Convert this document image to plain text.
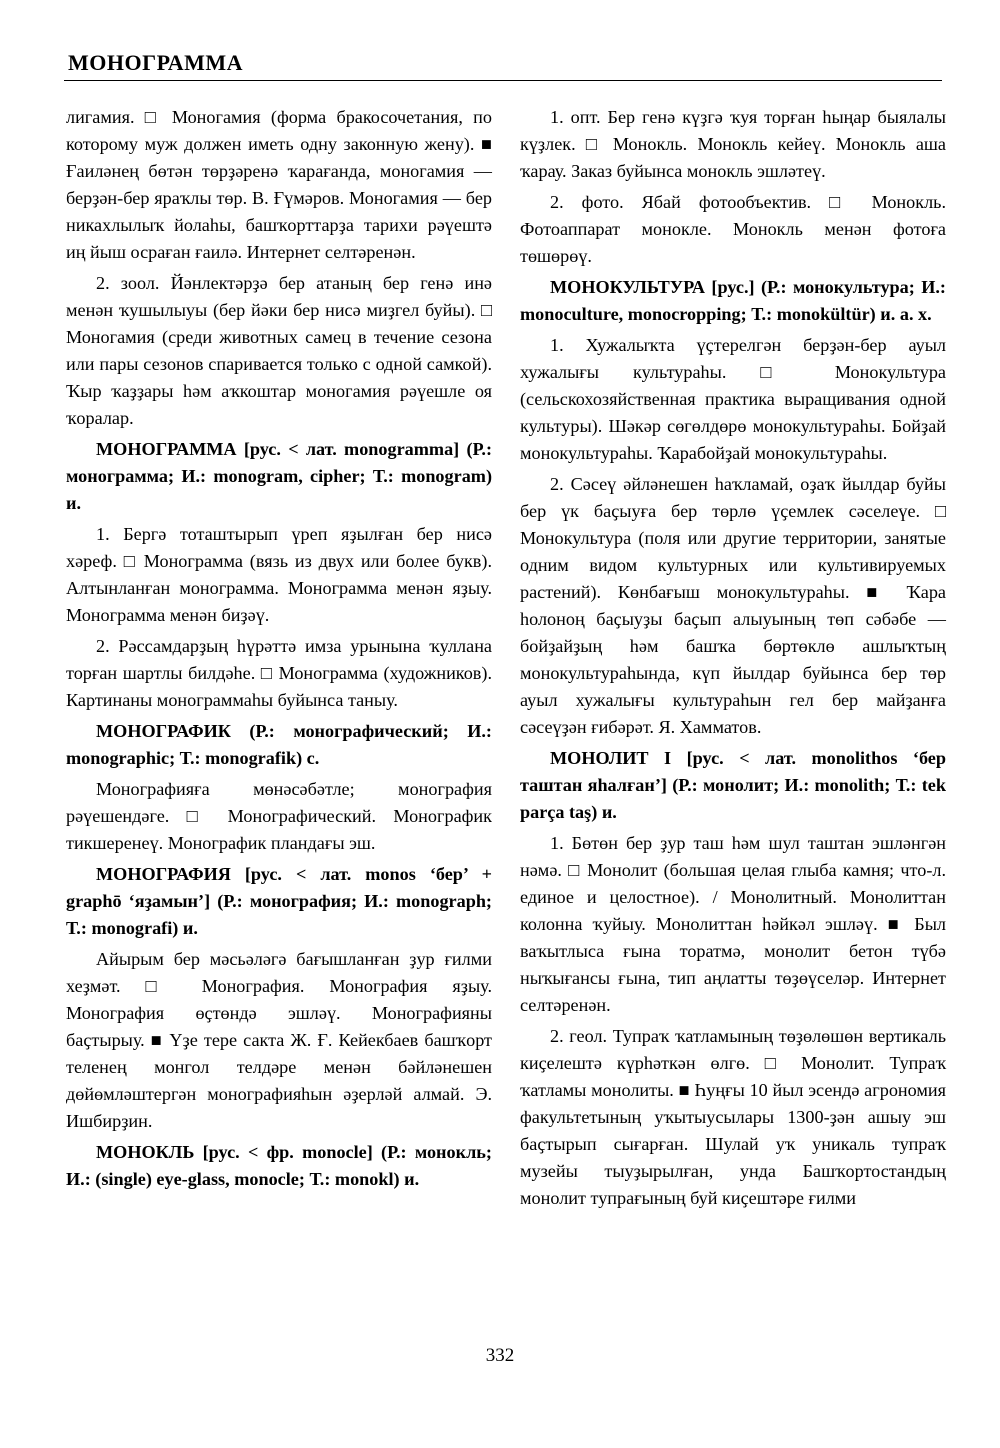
МОНОГРАММА

лигамия. □ Моногамия (форма бракосочетания, по которому муж должен иметь одну законную жену). ■ Ғаиләнең бөтән төрҙәренә ҡарағанда, моногамия — берҙән-бер яраҡлы төр. В. Ғүмәров. Моногамия — бер никахлылыҡ йолаһы, башҡорттарҙа тарихи рәүештә иң йыш осраған ғаилә. Интернет селтәренән.

2. зоол. Йәнлектәрҙә бер атаның бер генә инә менән ҡушылыуы (бер йәки бер нисә миҙгел буйы). □ Моногамия (среди животных самец в течение сезона или пары сезонов спаривается только с одной самкой). Ҡыр ҡаҙҙары һәм аҡкоштар моногамия рәүешле оя ҡоралар.

МОНОГРАММА [рус. < лат. monogramma] (Р.: монограмма; И.: monogram, cipher; Т.: monogram) и.

1. Бергә тоташтырып үреп яҙылған бер нисә хәреф. □ Монограмма (вязь из двух или более букв). Алтынланған монограмма. Монограмма менән яҙыу. Монограмма менән биҙәү.

2. Рәссамдарҙың һүрәттә имза урынына ҡуллана торған шартлы билдәһе. □ Монограмма (художников). Картинаны монограммаһы буйынса таныу.

МОНОГРАФИК (Р.: монографический; И.: monographic; Т.: monografik) с.

Монографияға мөнәсәбәтле; монография рәүешендәге. □ Монографический. Монографик тикшеренеү. Монографик пландағы эш.

МОНОГРАФИЯ [рус. < лат. monos ‘бер’ + graphō ‘яҙамын’] (Р.: монография; И.: monograph; Т.: monografi) и.

Айырым бер мәсьәләгә бағышланған ҙур ғилми хеҙмәт. □ Монография. Монография яҙыу. Монография өҫтөндә эшләү. Монографияны баҫтырыу. ■ Үҙе тере сакта Ж. Ғ. Кейекбаев башҡорт теленең монгол телдәре менән бәйләнешен дөйөмләштергән монографияһын әҙерләй алмай. Э. Ишбирҙин.

МОНОКЛЬ [рус. < фр. monocle] (Р.: монокль; И.: (single) eye-glass, monocle; Т.: monokl) и.

1. опт. Бер генә күҙгә ҡуя торған һыңар быялалы күҙлек. □ Монокль. Монокль кейеү. Монокль аша ҡарау. Заказ буйынса монокль эшләтеү.

2. фото. Ябай фотообъектив. □ Монокль. Фотоаппарат монокле. Монокль менән фотоға төшөрөү.

МОНОКУЛЬТУРА [рус.] (Р.: монокультура; И.: monoculture, monocropping; Т.: monokültür) и. а. х.

1. Хужалыҡта үҫтерелгән берҙән-бер ауыл хужалығы культураһы. □ Монокультура (сельскохозяйственная практика выращивания одной культуры). Шәкәр сөгөлдөрө монокультураһы. Бойҙай монокультураһы. Ҡарабойҙай монокультураһы.

2. Сәсеү әйләнешен һаҡламай, оҙаҡ йылдар буйы бер үк баҫыуға бер төрлө үҫемлек сәселеүе. □ Монокультура (поля или другие территории, занятые одним видом культурных или культивируемых растений). Көнбағыш монокультураһы. ■ Ҡара һолоноң баҫыуҙы баҫып алыуының төп сәбәбе — бойҙайҙың һәм башҡа бөртөклө ашлыҡтың монокультураһында, күп йылдар буйынса бер төр ауыл хужалығы культураһын гел бер майҙанға сәсеүҙән ғибәрәт. Я. Хамматов.

МОНОЛИТ I [рус. < лат. monolithos ‘бер таштан яһалған’] (Р.: монолит; И.: monolith; Т.: tek parça taş) и.

1. Бөтөн бер ҙур таш һәм шул таштан эшләнгән нәмә. □ Монолит (большая целая глыба камня; что-л. единое и целостное). / Монолитный. Монолиттан колонна ҡуйыу. Монолиттан һәйкәл эшләү. ■ Был ваҡытлыса ғына торатмә, монолит бетон түбә ныҡығансы ғына, тип аңлатты төҙөүселәр. Интернет селтәренән.

2. геол. Тупраҡ ҡатламының төҙөлөшөн вертикаль киҫелештә күрһәткән өлгө. □ Монолит. Тупраҡ ҡатламы монолиты. ■ Һуңғы 10 йыл эсендә агрономия факультетының уҡытыусылары 1300-ҙән ашыу эш баҫтырып сығарған. Шулай уҡ уникаль тупраҡ музейы тыуҙырылған, унда Башҡортостандың монолит тупрағының буй киҫештәре ғилми

332
